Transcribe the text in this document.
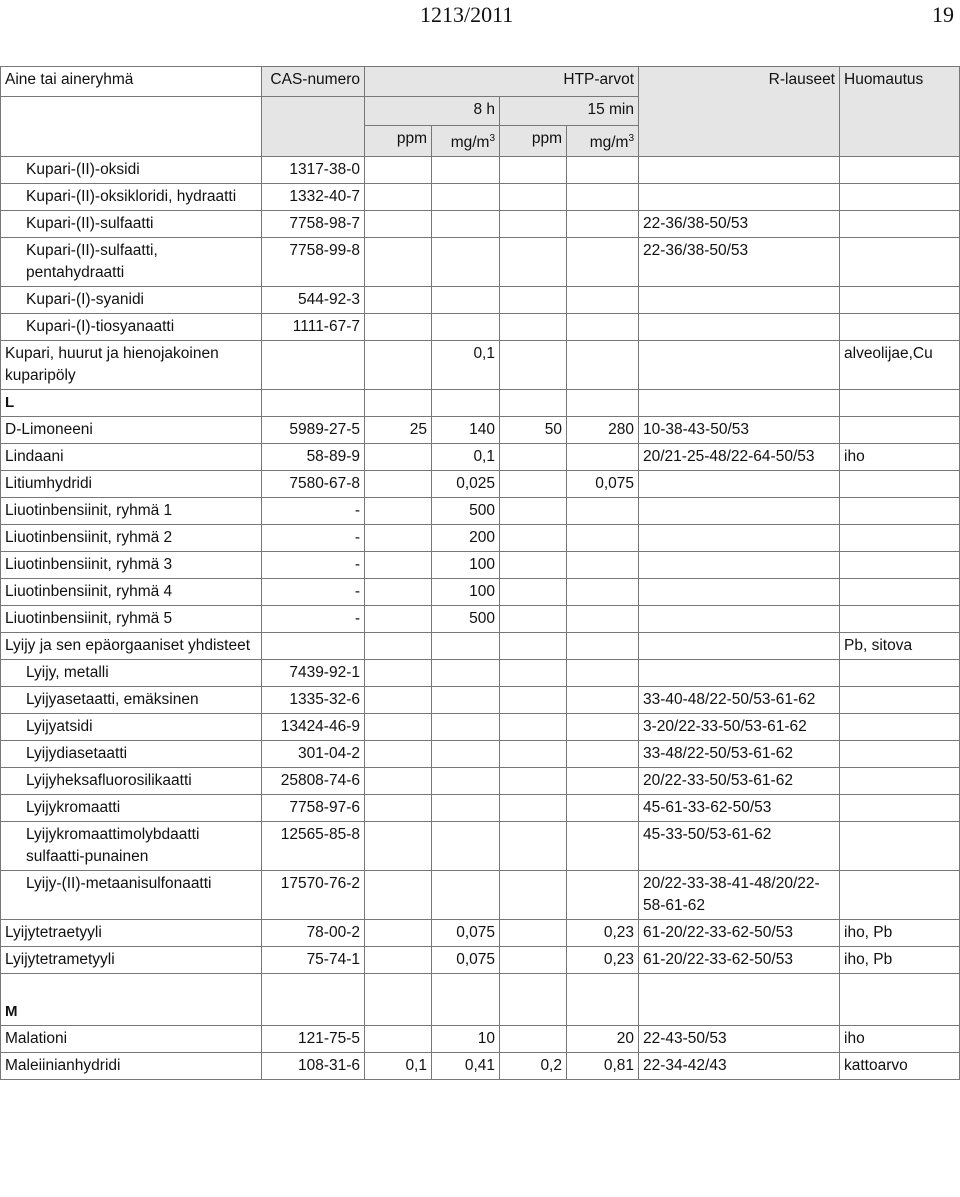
1213/2011	19
Aine tai aineryhmä	CAS-numero	HTP-arvot				R-lauseet	Huomautus
		8 h		15 min			
		ppm	$mg/m^3$	ppm	$mg/m^3$
Kupari-(II)-oksidi	1317-38-0						
Kupari-(II)-oksikloridi, hydraatti	1332-40-7						
Kupari-(II)-sulfaatti	7758-98-7					22-36/38-50/53	
Kupari-(II)-sulfaatti, pentahydraatti	7758-99-8					22-36/38-50/53	
Kupari-(I)-syanidi	544-92-3						
Kupari-(I)-tiosyanaatti	1111-67-7						
Kupari, huurut ja hienojakoinen kuparipöly			0,1				alveolijae,Cu
L							
D-Limoneeni	5989-27-5	25	140	50	280	10-38-43-50/53	
Lindaani	58-89-9		0,1			20/21-25-48/22-64-50/53	iho
Litiumhydridi	7580-67-8		0,025		0,075		
Liuotinbensiinit, ryhmä 1	-		500				
Liuotinbensiinit, ryhmä 2	-		200				
Liuotinbensiinit, ryhmä 3	-		100				
Liuotinbensiinit, ryhmä 4	-		100				
Liuotinbensiinit, ryhmä 5	-		500				
Lyijy ja sen epäorgaaniset yhdisteet							Pb, sitova
Lyijy, metalli	7439-92-1						
Lyijyasetaatti, emäksinen	1335-32-6					33-40-48/22-50/53-61-62	
Lyijyatsidi	13424-46-9					3-20/22-33-50/53-61-62	
Lyijydiasetaatti	301-04-2					33-48/22-50/53-61-62	
Lyijyheksafluorosilikaatti	25808-74-6					20/22-33-50/53-61-62	
Lyijykromaatti	7758-97-6					45-61-33-62-50/53	
Lyijykromaattimolybdaatti sulfaatti-punainen	12565-85-8					45-33-50/53-61-62	
Lyijy-(II)-metaanisulfonaatti	17570-76-2					20/22-33-38-41-48/20/22-58-61-62	
Lyijytetraetyyli	78-00-2		0,075		0,23	61-20/22-33-62-50/53	iho, Pb
Lyijytetrametyyli	75-74-1		0,075		0,23	61-20/22-33-62-50/53	iho, Pb
M							
Malationi	121-75-5		10		20	22-43-50/53	iho
Maleiinianhydridi	108-31-6	0,1	0,41	0,2	0,81	22-34-42/43	kattoarvo
